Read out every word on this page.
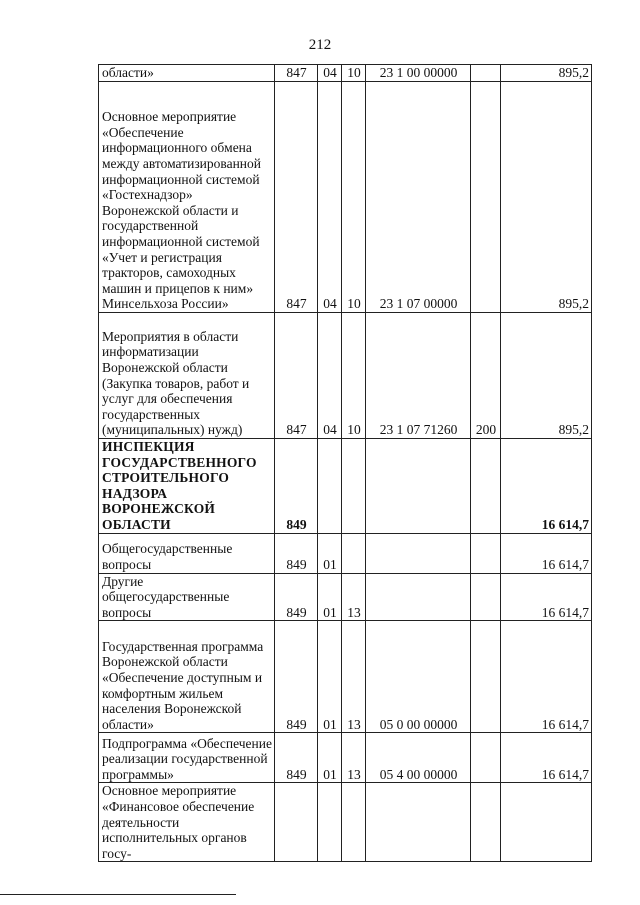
212
области»	847	04	10	23 1 00 00000		895,2
Основное мероприятие «Обеспечение информационного обмена между автоматизированной информационной системой «Гостехнадзор» Воронежской области и государственной информационной системой «Учет и регистрация тракторов, самоходных машин и прицепов к ним» Минсельхоза России»	847	04	10	23 1 07 00000		895,2
Мероприятия в области информатизации Воронежской области (Закупка товаров, работ и услуг для обеспечения государственных (муниципальных) нужд)	847	04	10	23 1 07 71260	200	895,2
ИНСПЕКЦИЯ ГОСУДАРСТВЕННОГО СТРОИТЕЛЬНОГО НАДЗОРА ВОРОНЕЖСКОЙ ОБЛАСТИ	849					16 614,7
Общегосударственные вопросы	849	01				16 614,7
Другие общегосударственные вопросы	849	01	13			16 614,7
Государственная программа Воронежской области «Обеспечение доступным и комфортным жильем населения Воронежской области»	849	01	13	05 0 00 00000		16 614,7
Подпрограмма «Обеспечение реализации государственной программы»	849	01	13	05 4 00 00000		16 614,7
Основное мероприятие «Финансовое обеспечение деятельности исполнительных органов госу-						
